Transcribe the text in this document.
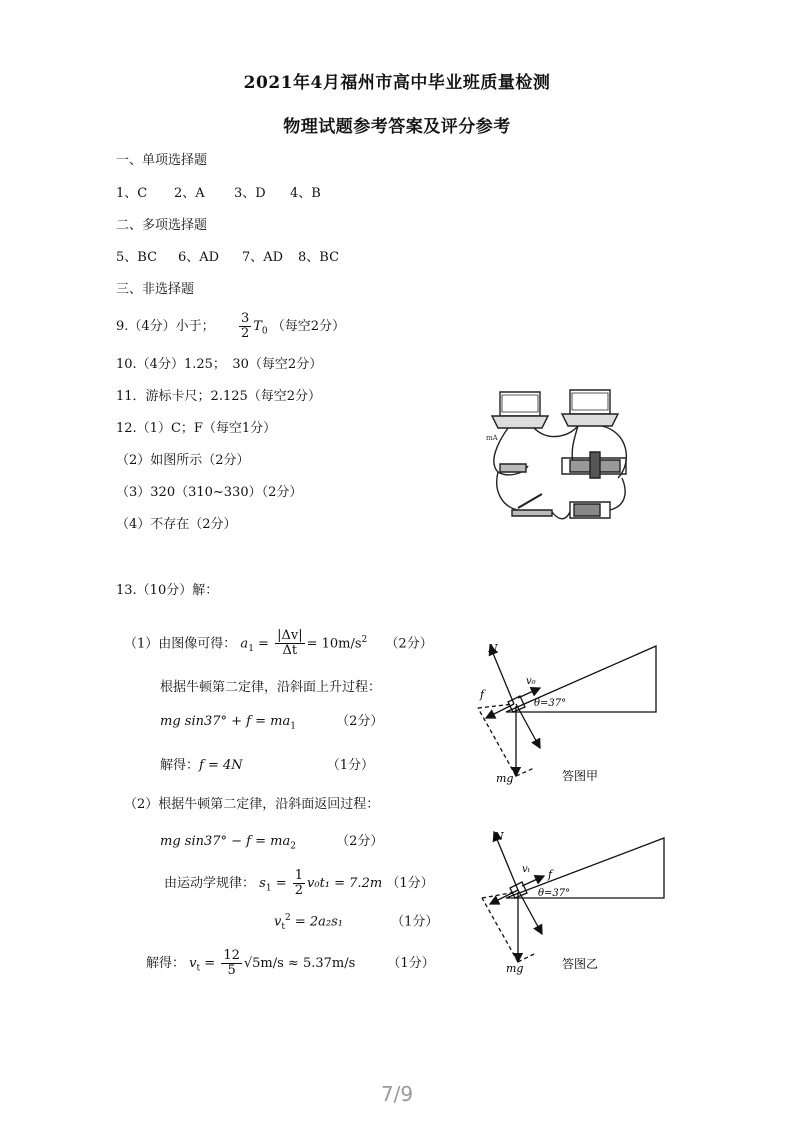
2021年4月福州市高中毕业班质量检测
物理试题参考答案及评分参考
一、单项选择题
1、C 2、A 3、D 4、B
二、多项选择题
5、BC 6、AD 7、AD 8、BC
三、非选择题
9.（4分）小于； $\frac{3}{2} T_0$ （每空2分）
10.（4分）1.25；　30（每空2分）
11．游标卡尺；2.125（每空2分）
12.（1）C；F（每空1分）
（2）如图所示（2分）
（3）320（310~330）（2分）
（4）不存在（2分）
mA
13.（10分）解：
（1）由图像可得： $a_1 = \frac{|\Delta v|}{\Delta t} = 10m/s^2$ （2分）
根据牛顿第二定律，沿斜面上升过程：
mg $\sin 37^\circ + f = ma_1$	（2分）
解得：f = 4N	（1分）
（2）根据牛顿第二定律，沿斜面返回过程：
mg $\sin 37^\circ - f = ma_2$	（2分）
由运动学规律： $s_1 = \frac{1}{2} v_0t_1 = 7.2m$ （1分）
$v_t^2 = 2a_2s_1$	（1分）
解得： $v_t = \frac{12}{5} √5m/s \approx 5.37m/s$ （1分）
N
v₀
f
θ=37°
mg	答图甲
N
vₜ f
θ=37°
mg	答图乙
7/9
